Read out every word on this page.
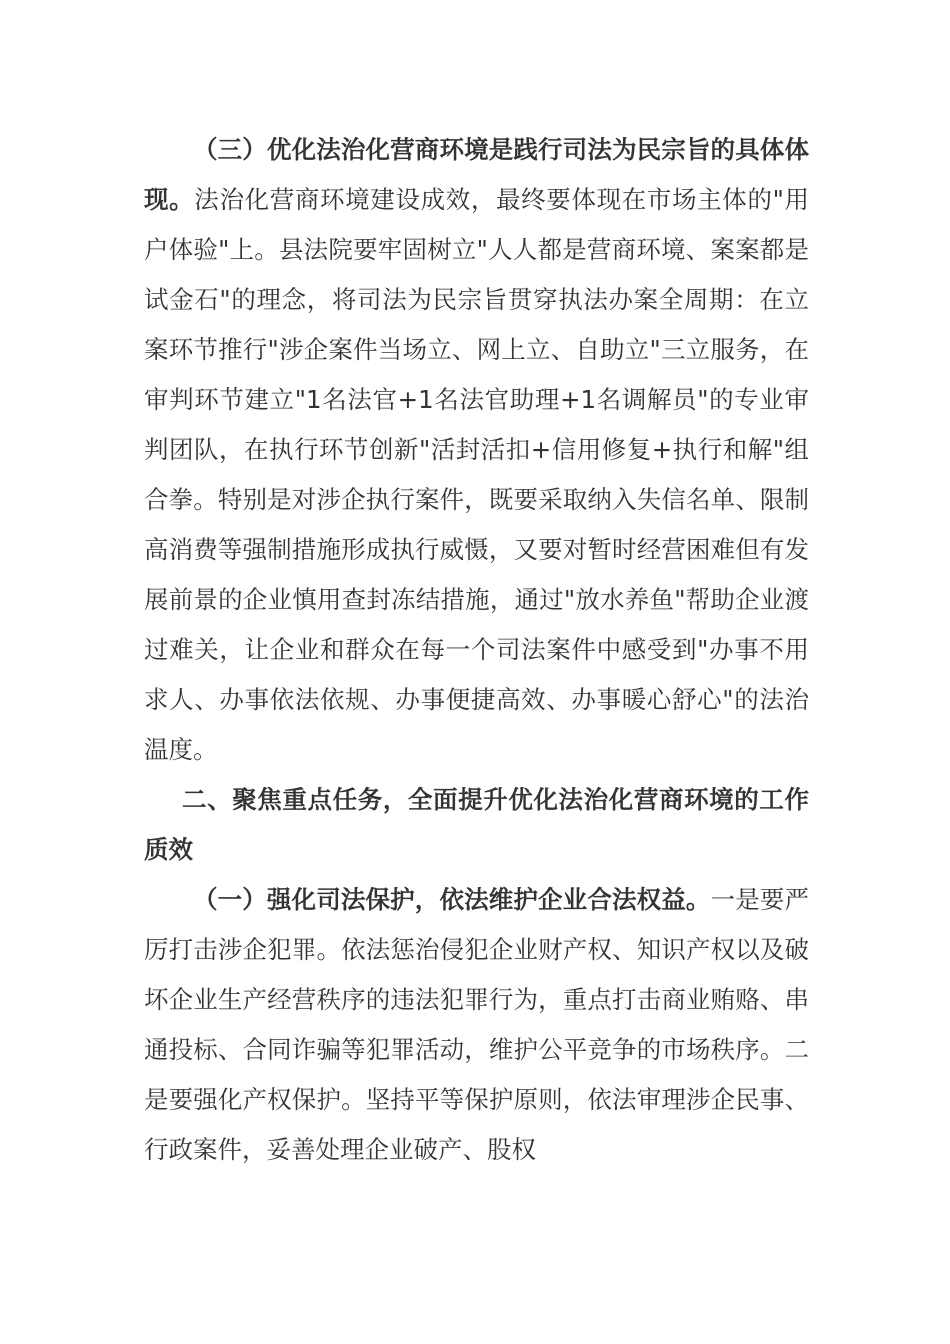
（三）优化法治化营商环境是践行司法为民宗旨的具体体现。法治化营商环境建设成效，最终要体现在市场主体的"用户体验"上。县法院要牢固树立"人人都是营商环境、案案都是试金石"的理念，将司法为民宗旨贯穿执法办案全周期：在立案环节推行"涉企案件当场立、网上立、自助立"三立服务，在审判环节建立"1名法官+1名法官助理+1名调解员"的专业审判团队，在执行环节创新"活封活扣+信用修复+执行和解"组合拳。特别是对涉企执行案件，既要采取纳入失信名单、限制高消费等强制措施形成执行威慑，又要对暂时经营困难但有发展前景的企业慎用查封冻结措施，通过"放水养鱼"帮助企业渡过难关，让企业和群众在每一个司法案件中感受到"办事不用求人、办事依法依规、办事便捷高效、办事暖心舒心"的法治温度。

二、聚焦重点任务，全面提升优化法治化营商环境的工作质效

（一）强化司法保护，依法维护企业合法权益。一是要严厉打击涉企犯罪。依法惩治侵犯企业财产权、知识产权以及破坏企业生产经营秩序的违法犯罪行为，重点打击商业贿赂、串通投标、合同诈骗等犯罪活动，维护公平竞争的市场秩序。二是要强化产权保护。坚持平等保护原则，依法审理涉企民事、行政案件，妥善处理企业破产、股权
